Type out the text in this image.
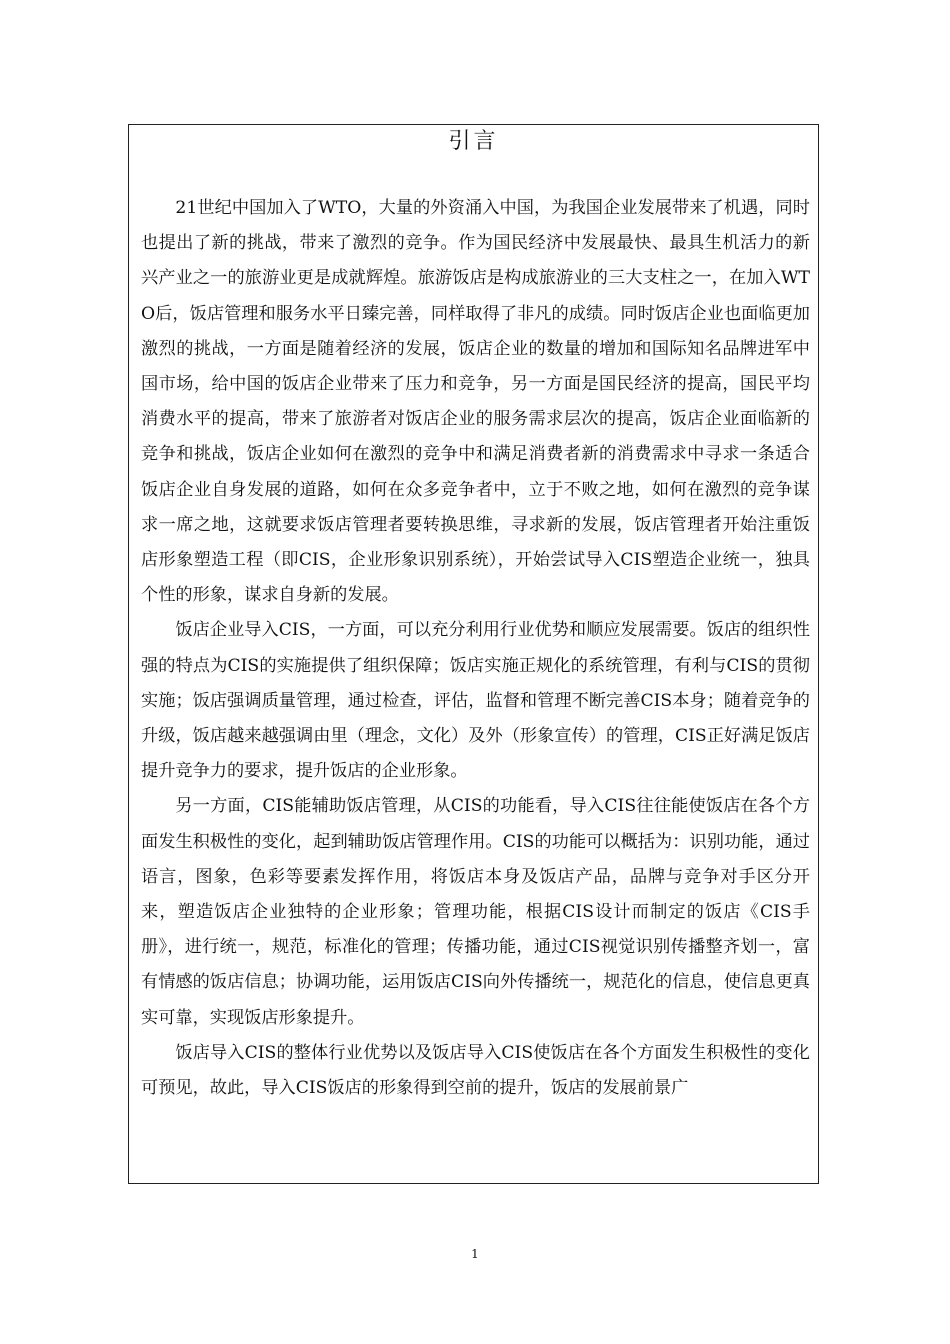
引言

21世纪中国加入了WTO，大量的外资涌入中国，为我国企业发展带来了机遇，同时也提出了新的挑战，带来了激烈的竞争。作为国民经济中发展最快、最具生机活力的新兴产业之一的旅游业更是成就辉煌。旅游饭店是构成旅游业的三大支柱之一，在加入WTO后，饭店管理和服务水平日臻完善，同样取得了非凡的成绩。同时饭店企业也面临更加激烈的挑战，一方面是随着经济的发展，饭店企业的数量的增加和国际知名品牌进军中国市场，给中国的饭店企业带来了压力和竞争，另一方面是国民经济的提高，国民平均消费水平的提高，带来了旅游者对饭店企业的服务需求层次的提高，饭店企业面临新的竞争和挑战，饭店企业如何在激烈的竞争中和满足消费者新的消费需求中寻求一条适合饭店企业自身发展的道路，如何在众多竞争者中，立于不败之地，如何在激烈的竞争谋求一席之地，这就要求饭店管理者要转换思维，寻求新的发展，饭店管理者开始注重饭店形象塑造工程（即CIS，企业形象识别系统），开始尝试导入CIS塑造企业统一，独具个性的形象，谋求自身新的发展。

饭店企业导入CIS，一方面，可以充分利用行业优势和顺应发展需要。饭店的组织性强的特点为CIS的实施提供了组织保障；饭店实施正规化的系统管理，有利与CIS的贯彻实施；饭店强调质量管理，通过检查，评估，监督和管理不断完善CIS本身；随着竞争的升级，饭店越来越强调由里（理念，文化）及外（形象宣传）的管理，CIS正好满足饭店提升竞争力的要求，提升饭店的企业形象。

另一方面，CIS能辅助饭店管理，从CIS的功能看，导入CIS往往能使饭店在各个方面发生积极性的变化，起到辅助饭店管理作用。CIS的功能可以概括为：识别功能，通过语言，图象，色彩等要素发挥作用，将饭店本身及饭店产品，品牌与竞争对手区分开来，塑造饭店企业独特的企业形象；管理功能，根据CIS设计而制定的饭店《CIS手册》，进行统一，规范，标准化的管理；传播功能，通过CIS视觉识别传播整齐划一，富有情感的饭店信息；协调功能，运用饭店CIS向外传播统一，规范化的信息，使信息更真实可靠，实现饭店形象提升。

饭店导入CIS的整体行业优势以及饭店导入CIS使饭店在各个方面发生积极性的变化可预见，故此，导入CIS饭店的形象得到空前的提升，饭店的发展前景广

1
